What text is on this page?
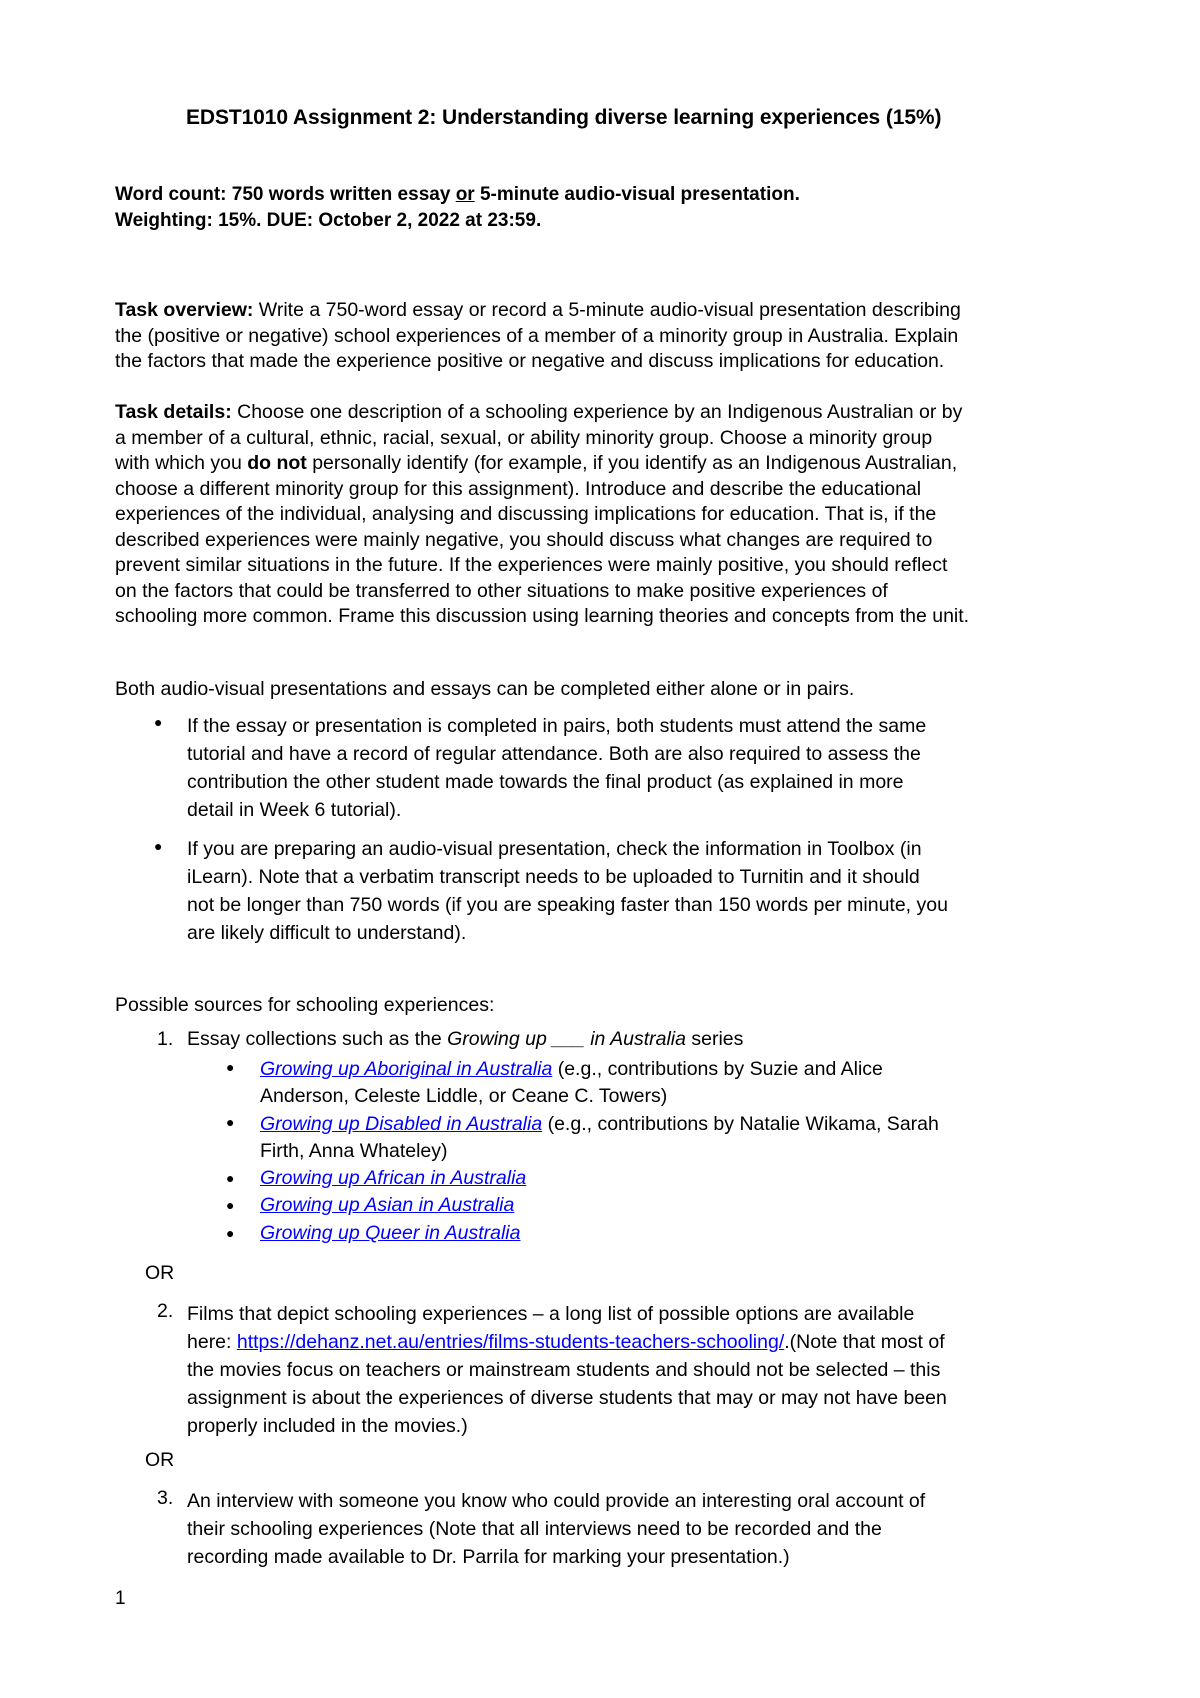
EDST1010 Assignment 2: Understanding diverse learning experiences (15%)
Word count: 750 words written essay or 5-minute audio-visual presentation.
Weighting: 15%. DUE: October 2, 2022 at 23:59.
Task overview: Write a 750-word essay or record a 5-minute audio-visual presentation describing
the (positive or negative) school experiences of a member of a minority group in Australia. Explain
the factors that made the experience positive or negative and discuss implications for education.
Task details: Choose one description of a schooling experience by an Indigenous Australian or by
a member of a cultural, ethnic, racial, sexual, or ability minority group. Choose a minority group
with which you do not personally identify (for example, if you identify as an Indigenous Australian,
choose a different minority group for this assignment). Introduce and describe the educational
experiences of the individual, analysing and discussing implications for education. That is, if the
described experiences were mainly negative, you should discuss what changes are required to
prevent similar situations in the future. If the experiences were mainly positive, you should reflect
on the factors that could be transferred to other situations to make positive experiences of
schooling more common. Frame this discussion using learning theories and concepts from the unit.
Both audio-visual presentations and essays can be completed either alone or in pairs.
● If the essay or presentation is completed in pairs, both students must attend the same
tutorial and have a record of regular attendance. Both are also required to assess the
contribution the other student made towards the final product (as explained in more
detail in Week 6 tutorial).
● If you are preparing an audio-visual presentation, check the information in Toolbox (in
iLearn). Note that a verbatim transcript needs to be uploaded to Turnitin and it should
not be longer than 750 words (if you are speaking faster than 150 words per minute, you
are likely difficult to understand).
Possible sources for schooling experiences:
1. Essay collections such as the Growing up ___ in Australia series
● Growing up Aboriginal in Australia (e.g., contributions by Suzie and Alice
Anderson, Celeste Liddle, or Ceane C. Towers)
● Growing up Disabled in Australia (e.g., contributions by Natalie Wikama, Sarah
Firth, Anna Whateley)
● Growing up African in Australia
● Growing up Asian in Australia
● Growing up Queer in Australia
OR
2. Films that depict schooling experiences – a long list of possible options are available
here: https://dehanz.net.au/entries/films-students-teachers-schooling/.(Note that most of
the movies focus on teachers or mainstream students and should not be selected – this
assignment is about the experiences of diverse students that may or may not have been
properly included in the movies.)
OR
3. An interview with someone you know who could provide an interesting oral account of
their schooling experiences (Note that all interviews need to be recorded and the
recording made available to Dr. Parrila for marking your presentation.)
1
